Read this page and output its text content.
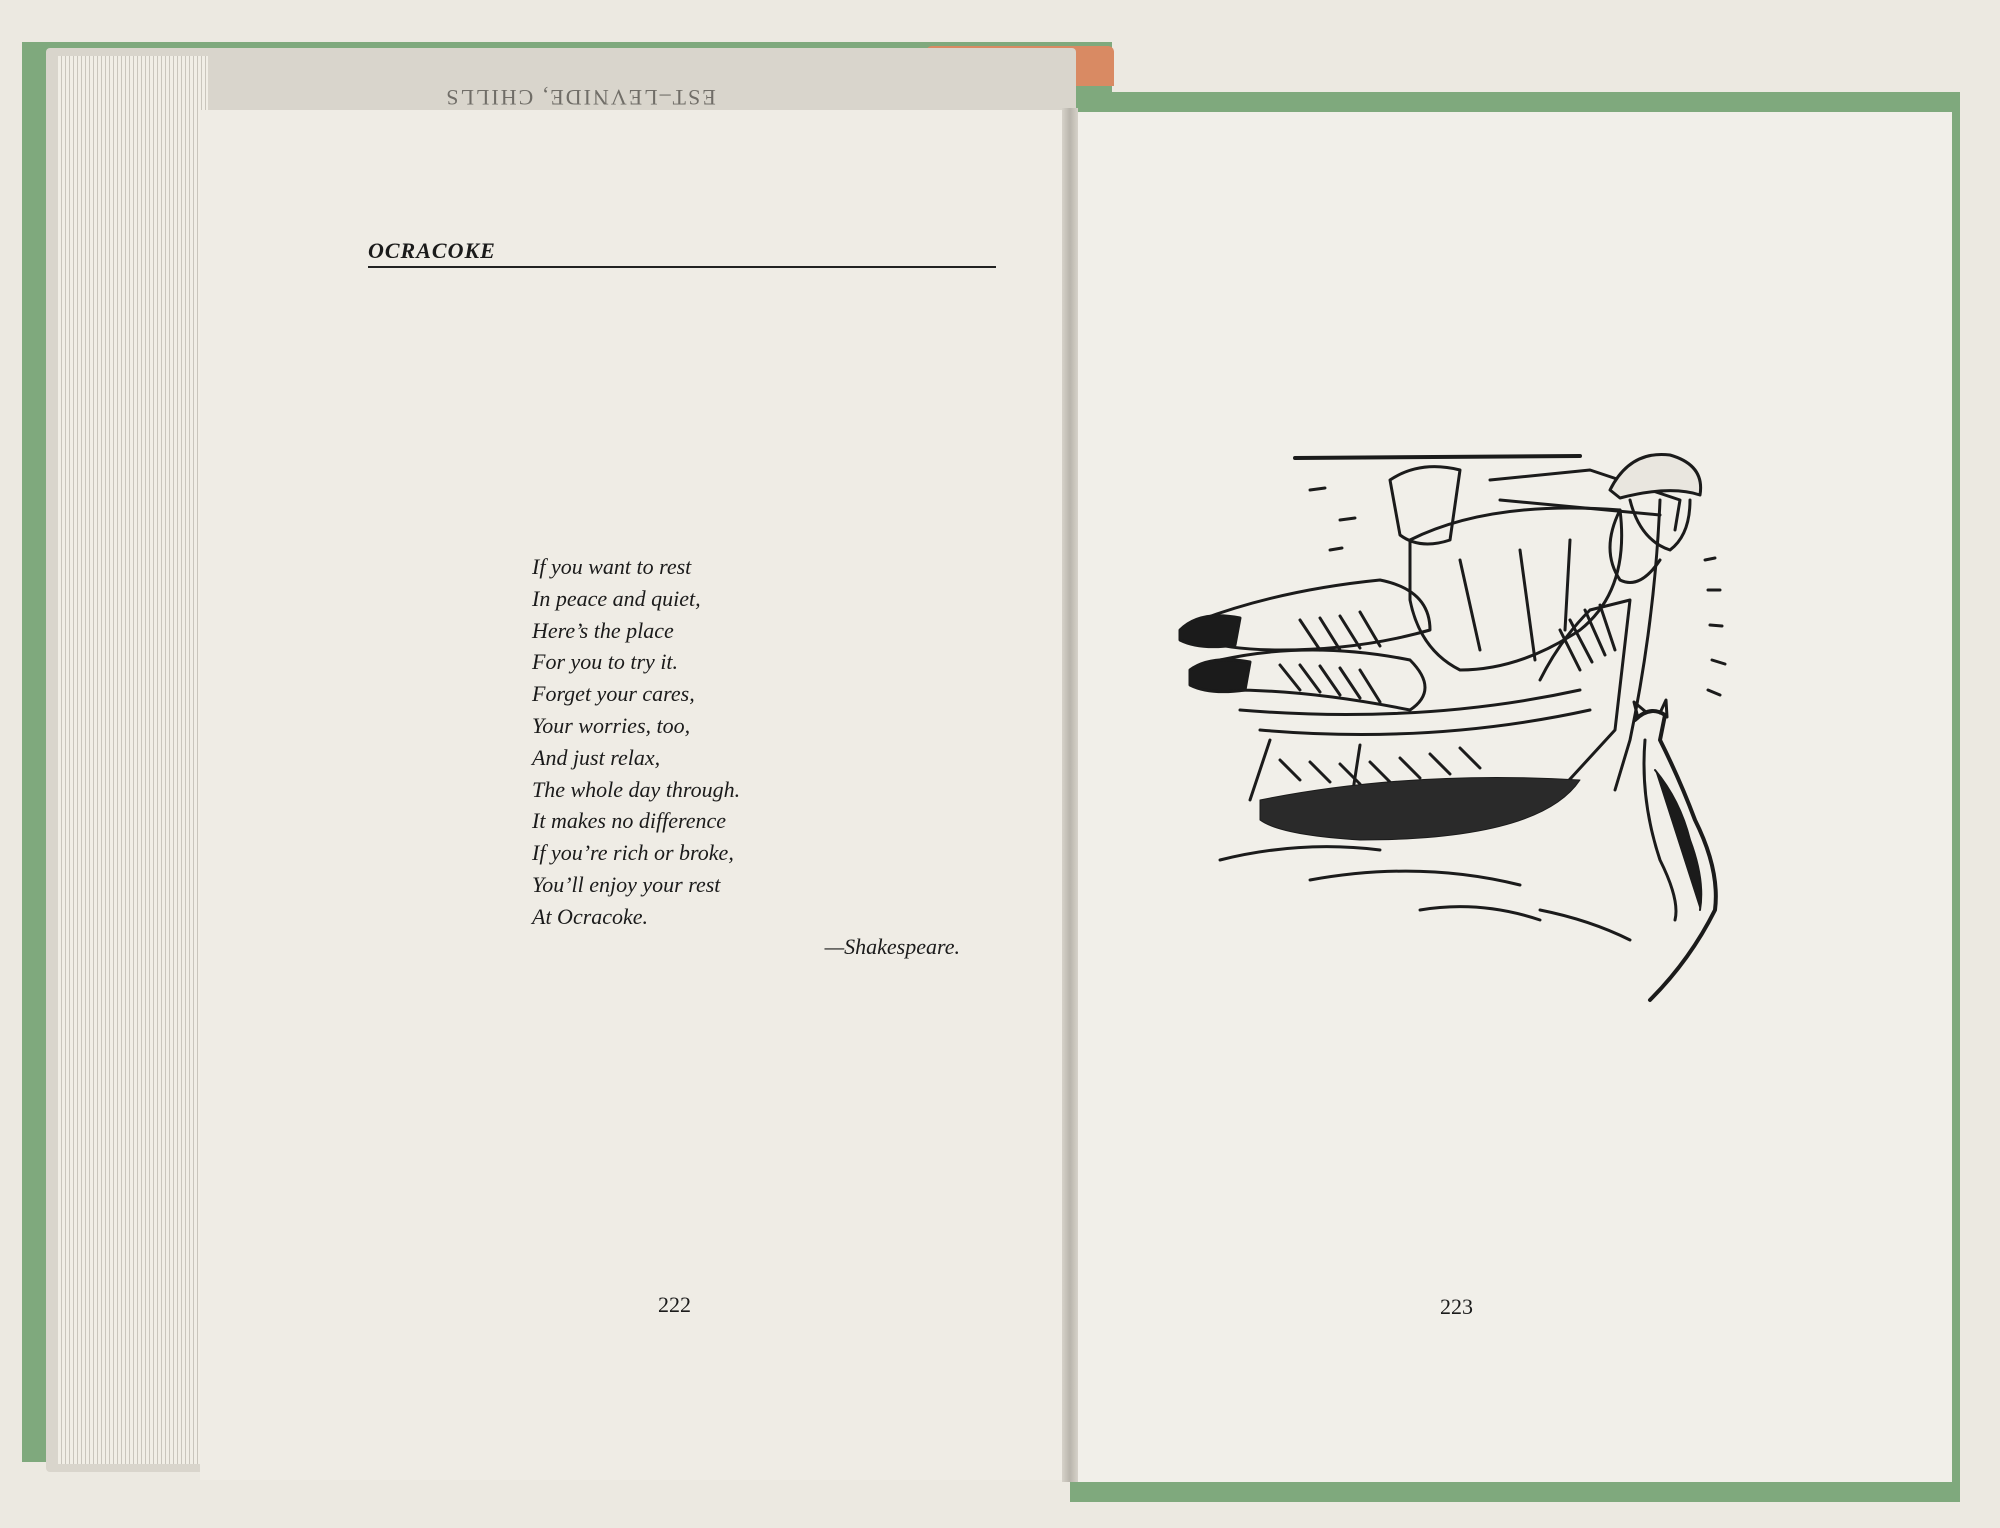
EST–LEVNIDE, CHILLS
OCRACOKE
If you want to rest
In peace and quiet,
Here’s the place
For you to try it.
Forget your cares,
Your worries, too,
And just relax,
The whole day through.
It makes no difference
If you’re rich or broke,
You’ll enjoy your rest
At Ocracoke.
—Shakespeare.
222	223
